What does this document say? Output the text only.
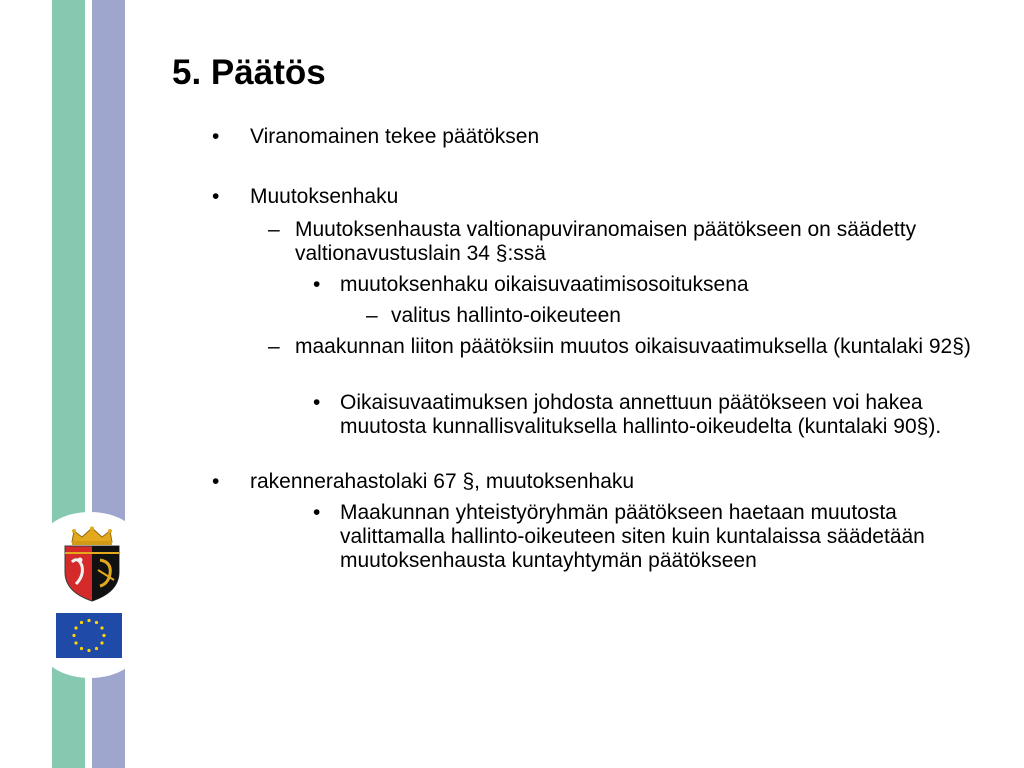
5. Päätös
• Viranomainen tekee päätöksen
• Muutoksenhaku
– Muutoksenhausta valtionapuviranomaisen päätökseen on säädetty valtionavustuslain 34 §:ssä
• muutoksenhaku oikaisuvaatimisosoituksena
– valitus hallinto-oikeuteen
– maakunnan liiton päätöksiin muutos oikaisuvaatimuksella (kuntalaki 92§)
• Oikaisuvaatimuksen johdosta annettuun päätökseen voi hakea muutosta kunnallisvalituksella hallinto-oikeudelta (kuntalaki 90§).
• rakennerahastolaki 67 §, muutoksenhaku
• Maakunnan yhteistyöryhmän päätökseen haetaan muutosta valittamalla hallinto-oikeuteen siten kuin kuntalaissa säädetään muutoksenhausta kuntayhtymän päätökseen
